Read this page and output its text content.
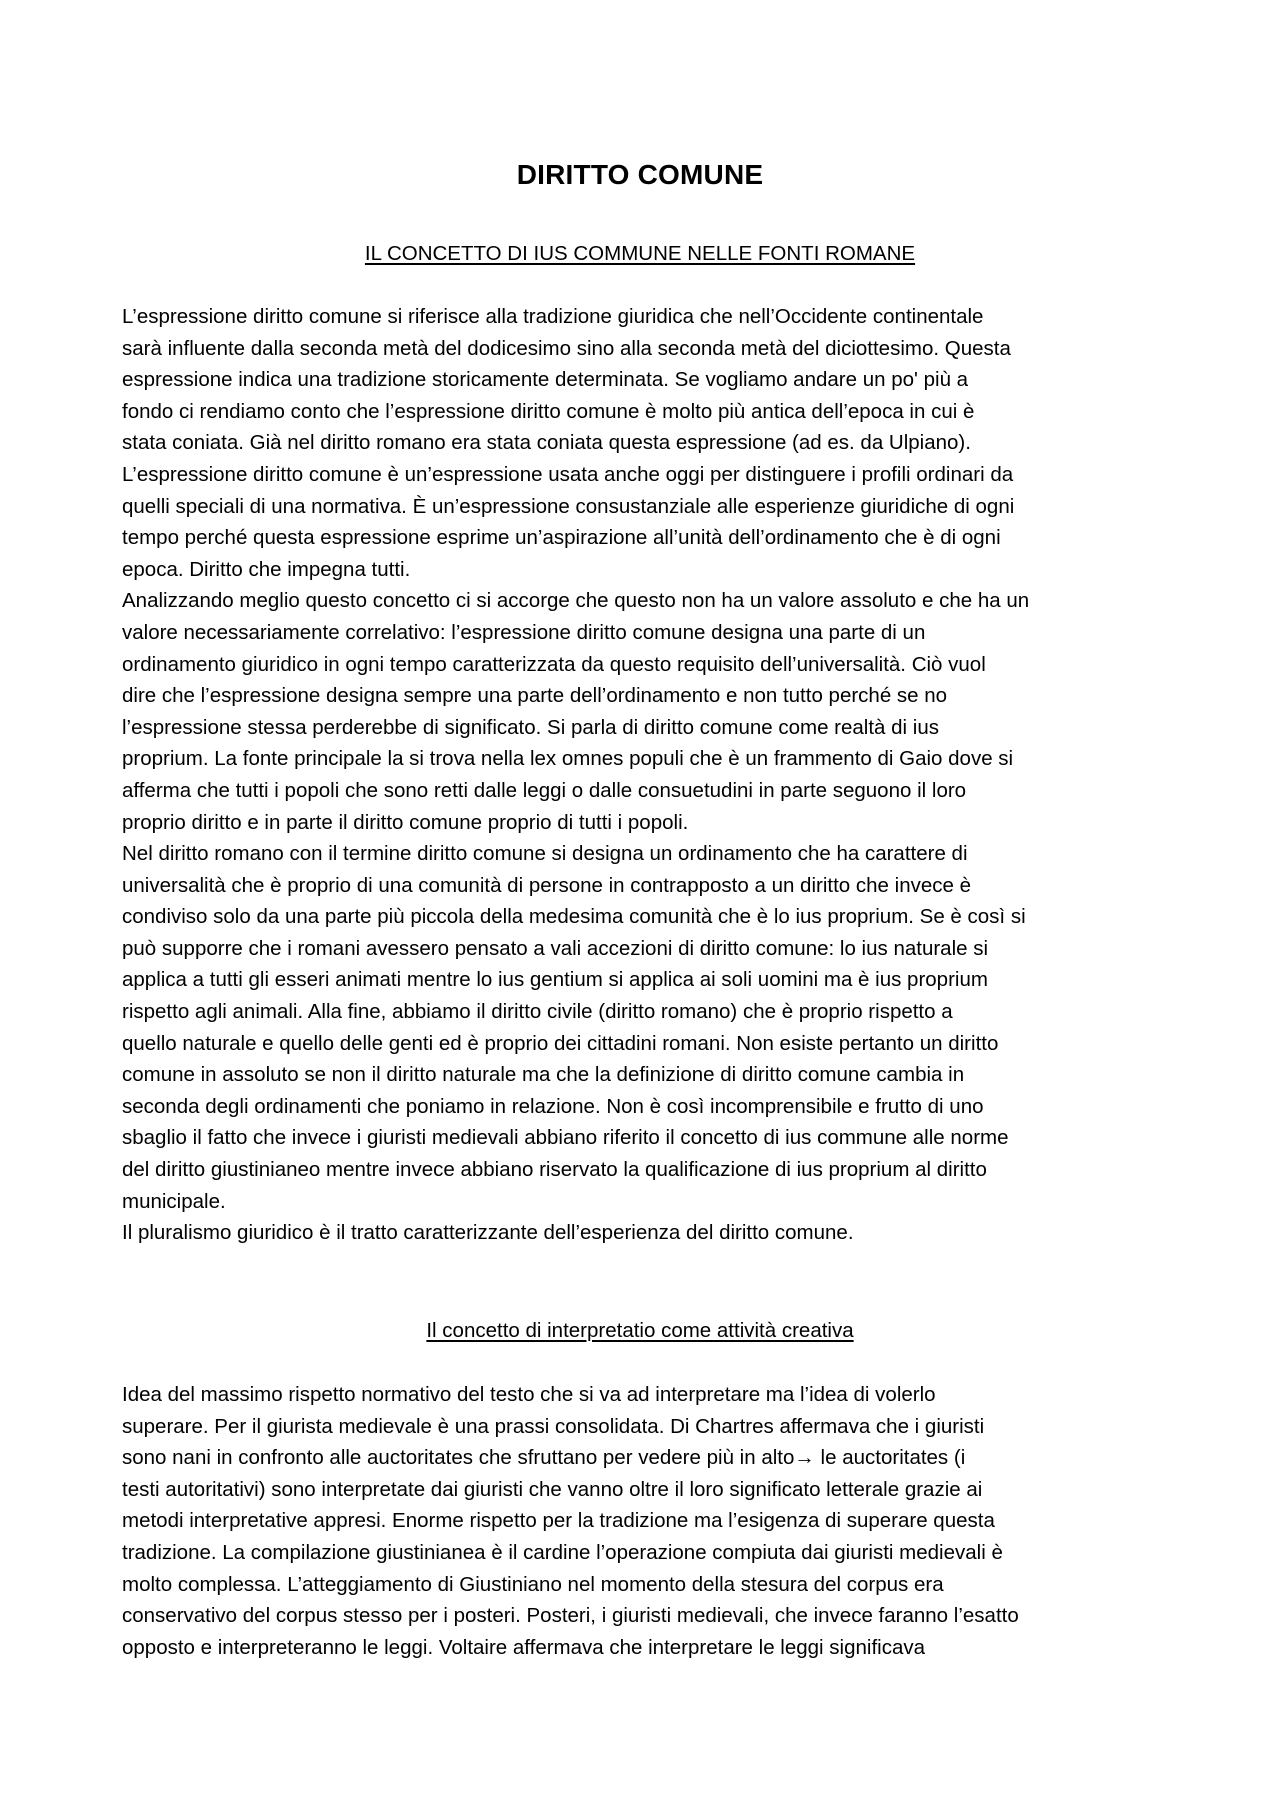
DIRITTO COMUNE
IL CONCETTO DI IUS COMMUNE NELLE FONTI ROMANE
L’espressione diritto comune si riferisce alla tradizione giuridica che nell’Occidente continentale
sarà influente dalla seconda metà del dodicesimo sino alla seconda metà del diciottesimo. Questa
espressione indica una tradizione storicamente determinata. Se vogliamo andare un po' più a
fondo ci rendiamo conto che l’espressione diritto comune è molto più antica dell’epoca in cui è
stata coniata. Già nel diritto romano era stata coniata questa espressione (ad es. da Ulpiano).
L’espressione diritto comune è un’espressione usata anche oggi per distinguere i profili ordinari da
quelli speciali di una normativa. È un’espressione consustanziale alle esperienze giuridiche di ogni
tempo perché questa espressione esprime un’aspirazione all’unità dell’ordinamento che è di ogni
epoca. Diritto che impegna tutti.
Analizzando meglio questo concetto ci si accorge che questo non ha un valore assoluto e che ha un
valore necessariamente correlativo: l’espressione diritto comune designa una parte di un
ordinamento giuridico in ogni tempo caratterizzata da questo requisito dell’universalità. Ciò vuol
dire che l’espressione designa sempre una parte dell’ordinamento e non tutto perché se no
l’espressione stessa perderebbe di significato. Si parla di diritto comune come realtà di ius
proprium. La fonte principale la si trova nella lex omnes populi che è un frammento di Gaio dove si
afferma che tutti i popoli che sono retti dalle leggi o dalle consuetudini in parte seguono il loro
proprio diritto e in parte il diritto comune proprio di tutti i popoli.
Nel diritto romano con il termine diritto comune si designa un ordinamento che ha carattere di
universalità che è proprio di una comunità di persone in contrapposto a un diritto che invece è
condiviso solo da una parte più piccola della medesima comunità che è lo ius proprium. Se è così si
può supporre che i romani avessero pensato a vali accezioni di diritto comune: lo ius naturale si
applica a tutti gli esseri animati mentre lo ius gentium si applica ai soli uomini ma è ius proprium
rispetto agli animali. Alla fine, abbiamo il diritto civile (diritto romano) che è proprio rispetto a
quello naturale e quello delle genti ed è proprio dei cittadini romani. Non esiste pertanto un diritto
comune in assoluto se non il diritto naturale ma che la definizione di diritto comune cambia in
seconda degli ordinamenti che poniamo in relazione. Non è così incomprensibile e frutto di uno
sbaglio il fatto che invece i giuristi medievali abbiano riferito il concetto di ius commune alle norme
del diritto giustinianeo mentre invece abbiano riservato la qualificazione di ius proprium al diritto
municipale.
Il pluralismo giuridico è il tratto caratterizzante dell’esperienza del diritto comune.
Il concetto di interpretatio come attività creativa
Idea del massimo rispetto normativo del testo che si va ad interpretare ma l’idea di volerlo
superare. Per il giurista medievale è una prassi consolidata. Di Chartres affermava che i giuristi
sono nani in confronto alle auctoritates che sfruttano per vedere più in alto→ le auctoritates (i
testi autoritativi) sono interpretate dai giuristi che vanno oltre il loro significato letterale grazie ai
metodi interpretative appresi. Enorme rispetto per la tradizione ma l’esigenza di superare questa
tradizione. La compilazione giustinianea è il cardine l’operazione compiuta dai giuristi medievali è
molto complessa. L’atteggiamento di Giustiniano nel momento della stesura del corpus era
conservativo del corpus stesso per i posteri. Posteri, i giuristi medievali, che invece faranno l’esatto
opposto e interpreteranno le leggi. Voltaire affermava che interpretare le leggi significava
